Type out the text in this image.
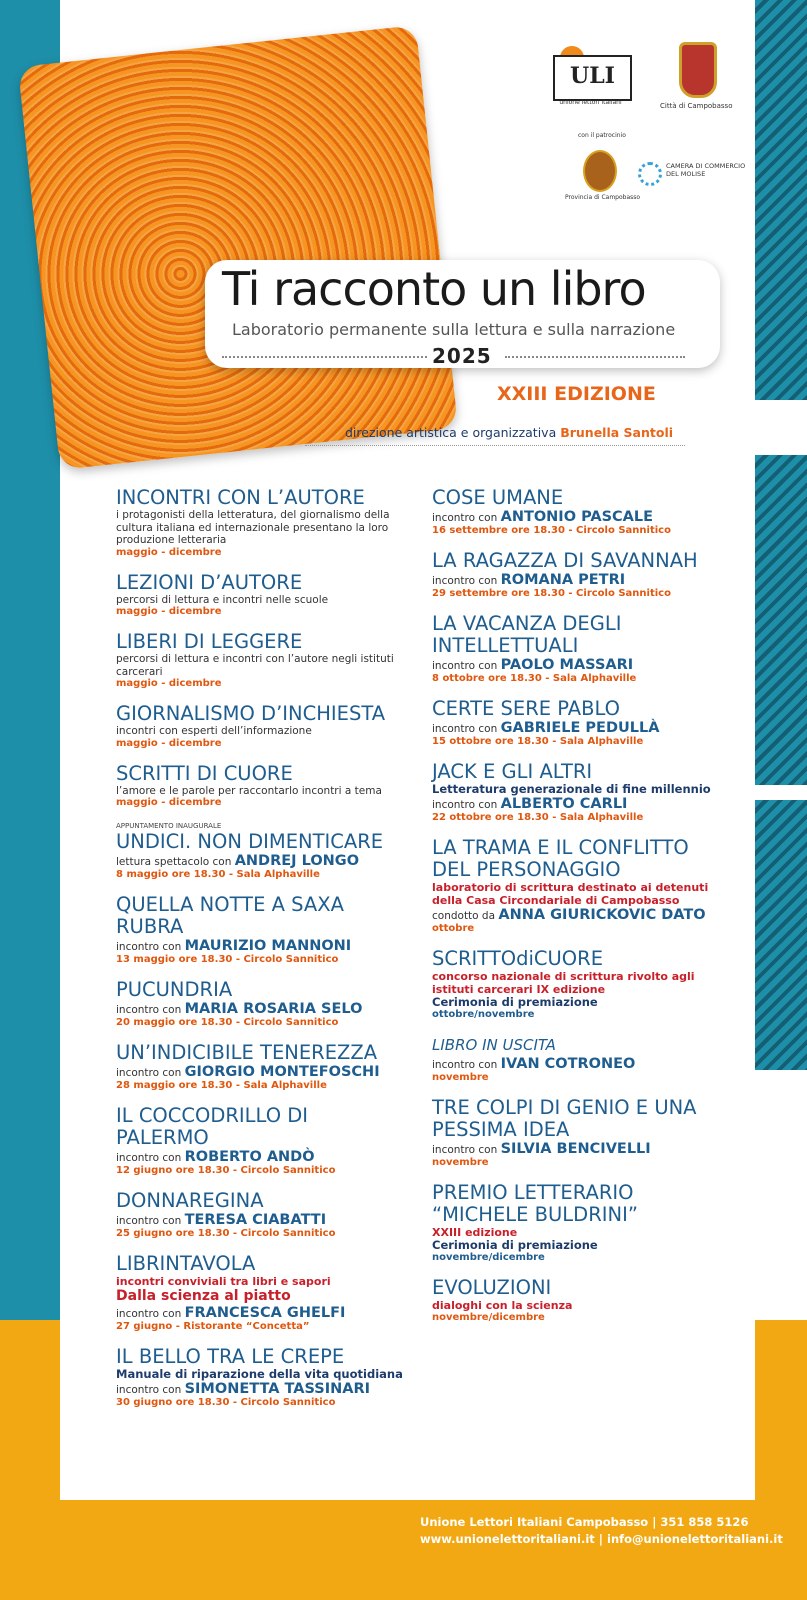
ULI
unione lettori italiani	Città di Campobasso
con il patrocinio
Provincia di Campobasso
CAMERA DI COMMERCIO
DEL MOLISE
Ti racconto un libro
Laboratorio permanente sulla lettura e sulla narrazione
2025
XXIII EDIZIONE
direzione artistica e organizzativa Brunella Santoli
INCONTRI CON L’AUTORE
i protagonisti della letteratura, del giornalismo della cultura italiana ed internazionale presentano la loro produzione letteraria
maggio - dicembre
LEZIONI D’AUTORE
percorsi di lettura e incontri nelle scuole
maggio - dicembre
LIBERI DI LEGGERE
percorsi di lettura e incontri con l’autore negli istituti carcerari
maggio - dicembre
GIORNALISMO D’INCHIESTA
incontri con esperti dell’informazione
maggio - dicembre
SCRITTI DI CUORE
l’amore e le parole per raccontarlo incontri a tema
maggio - dicembre
APPUNTAMENTO INAUGURALE
UNDICI. NON DIMENTICARE
lettura spettacolo con ANDREJ LONGO
8 maggio ore 18.30 - Sala Alphaville
QUELLA NOTTE A SAXA RUBRA
incontro con MAURIZIO MANNONI
13 maggio ore 18.30 - Circolo Sannitico
PUCUNDRIA
incontro con MARIA ROSARIA SELO
20 maggio ore 18.30 - Circolo Sannitico
UN’INDICIBILE TENEREZZA
incontro con GIORGIO MONTEFOSCHI
28 maggio ore 18.30 - Sala Alphaville
IL COCCODRILLO DI PALERMO
incontro con ROBERTO ANDÒ
12 giugno ore 18.30 - Circolo Sannitico
DONNAREGINA
incontro con TERESA CIABATTI
25 giugno ore 18.30 - Circolo Sannitico
LIBRINTAVOLA
incontri conviviali tra libri e sapori
Dalla scienza al piatto
incontro con FRANCESCA GHELFI
27 giugno - Ristorante “Concetta”
IL BELLO TRA LE CREPE
Manuale di riparazione della vita quotidiana
incontro con SIMONETTA TASSINARI
30 giugno ore 18.30 - Circolo Sannitico
COSE UMANE
incontro con ANTONIO PASCALE
16 settembre ore 18.30 - Circolo Sannitico
LA RAGAZZA DI SAVANNAH
incontro con ROMANA PETRI
29 settembre ore 18.30 - Circolo Sannitico
LA VACANZA DEGLI INTELLETTUALI
incontro con PAOLO MASSARI
8 ottobre ore 18.30 - Sala Alphaville
CERTE SERE PABLO
incontro con GABRIELE PEDULLÀ
15 ottobre ore 18.30 - Sala Alphaville
JACK E GLI ALTRI
Letteratura generazionale di fine millennio
incontro con ALBERTO CARLI
22 ottobre ore 18.30 - Sala Alphaville
LA TRAMA E IL CONFLITTO DEL PERSONAGGIO
laboratorio di scrittura destinato ai detenuti della Casa Circondariale di Campobasso
condotto da ANNA GIURICKOVIC DATO
ottobre
SCRITTOdiCUORE
concorso nazionale di scrittura rivolto agli istituti carcerari IX edizione
Cerimonia di premiazione
ottobre/novembre
LIBRO IN USCITA
incontro con IVAN COTRONEO
novembre
TRE COLPI DI GENIO E UNA PESSIMA IDEA
incontro con SILVIA BENCIVELLI
novembre
PREMIO LETTERARIO “MICHELE BULDRINI”
XXIII edizione
Cerimonia di premiazione
novembre/dicembre
EVOLUZIONI
dialoghi con la scienza
novembre/dicembre
CAMPOBASSO
Unione Lettori Italiani Campobasso | 351 858 5126
www.unionelettoritaliani.it | info@unionelettoritaliani.it
